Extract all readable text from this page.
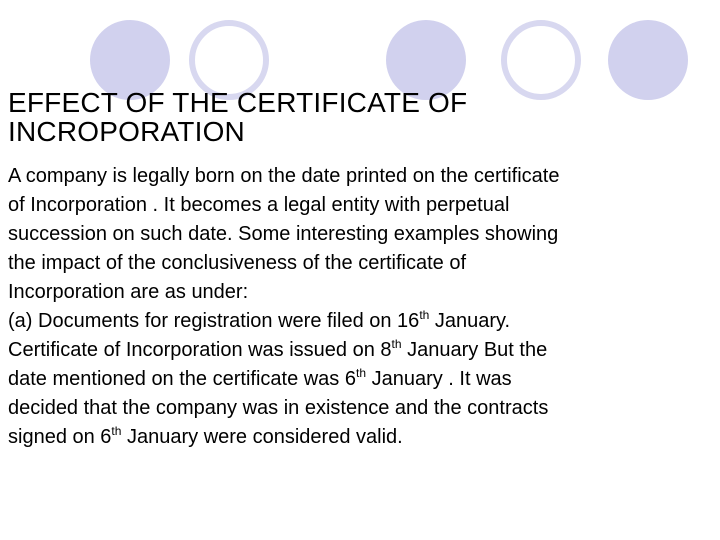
EFFECT OF THE CERTIFICATE OF
INCROPORATION
A company is legally born on the date printed on the certificate
of Incorporation . It becomes a legal entity with perpetual
succession on such date. Some interesting examples showing
the impact of the conclusiveness of the certificate of
Incorporation are as under:
(a) Documents for registration were filed on 16th January.
Certificate of Incorporation was issued on 8th January But the
date mentioned on the certificate was 6th January . It was
decided that the company was in existence and the contracts
signed on 6th January were considered valid.
